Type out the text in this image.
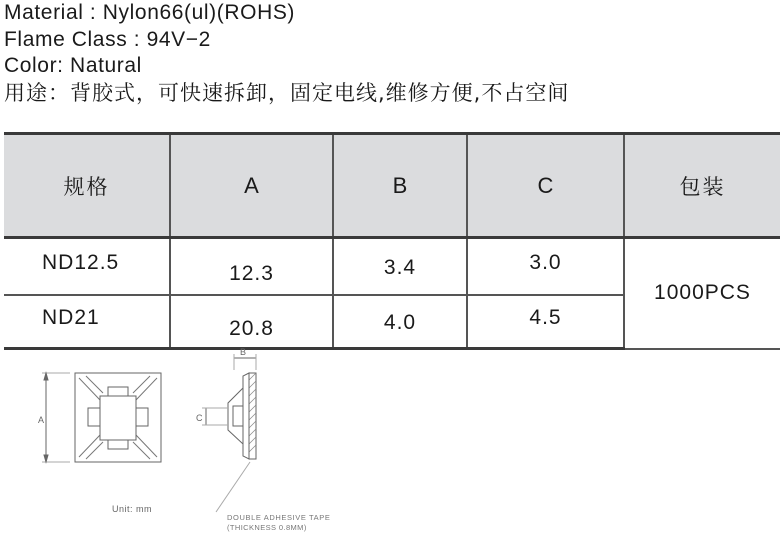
Material : Nylon66(ul)(ROHS)
Flame Class : 94V−2
Color: Natural
用途：背胶式，可快速拆卸，固定电线,维修方便,不占空间
规格	A	B	C	包装
ND12.5	12.3	3.4	3.0	1000PCS
ND21	20.8	4.0	4.5	
A
B
C
Unit: mm
DOUBLE ADHESIVE TAPE
(THICKNESS 0.8MM)
